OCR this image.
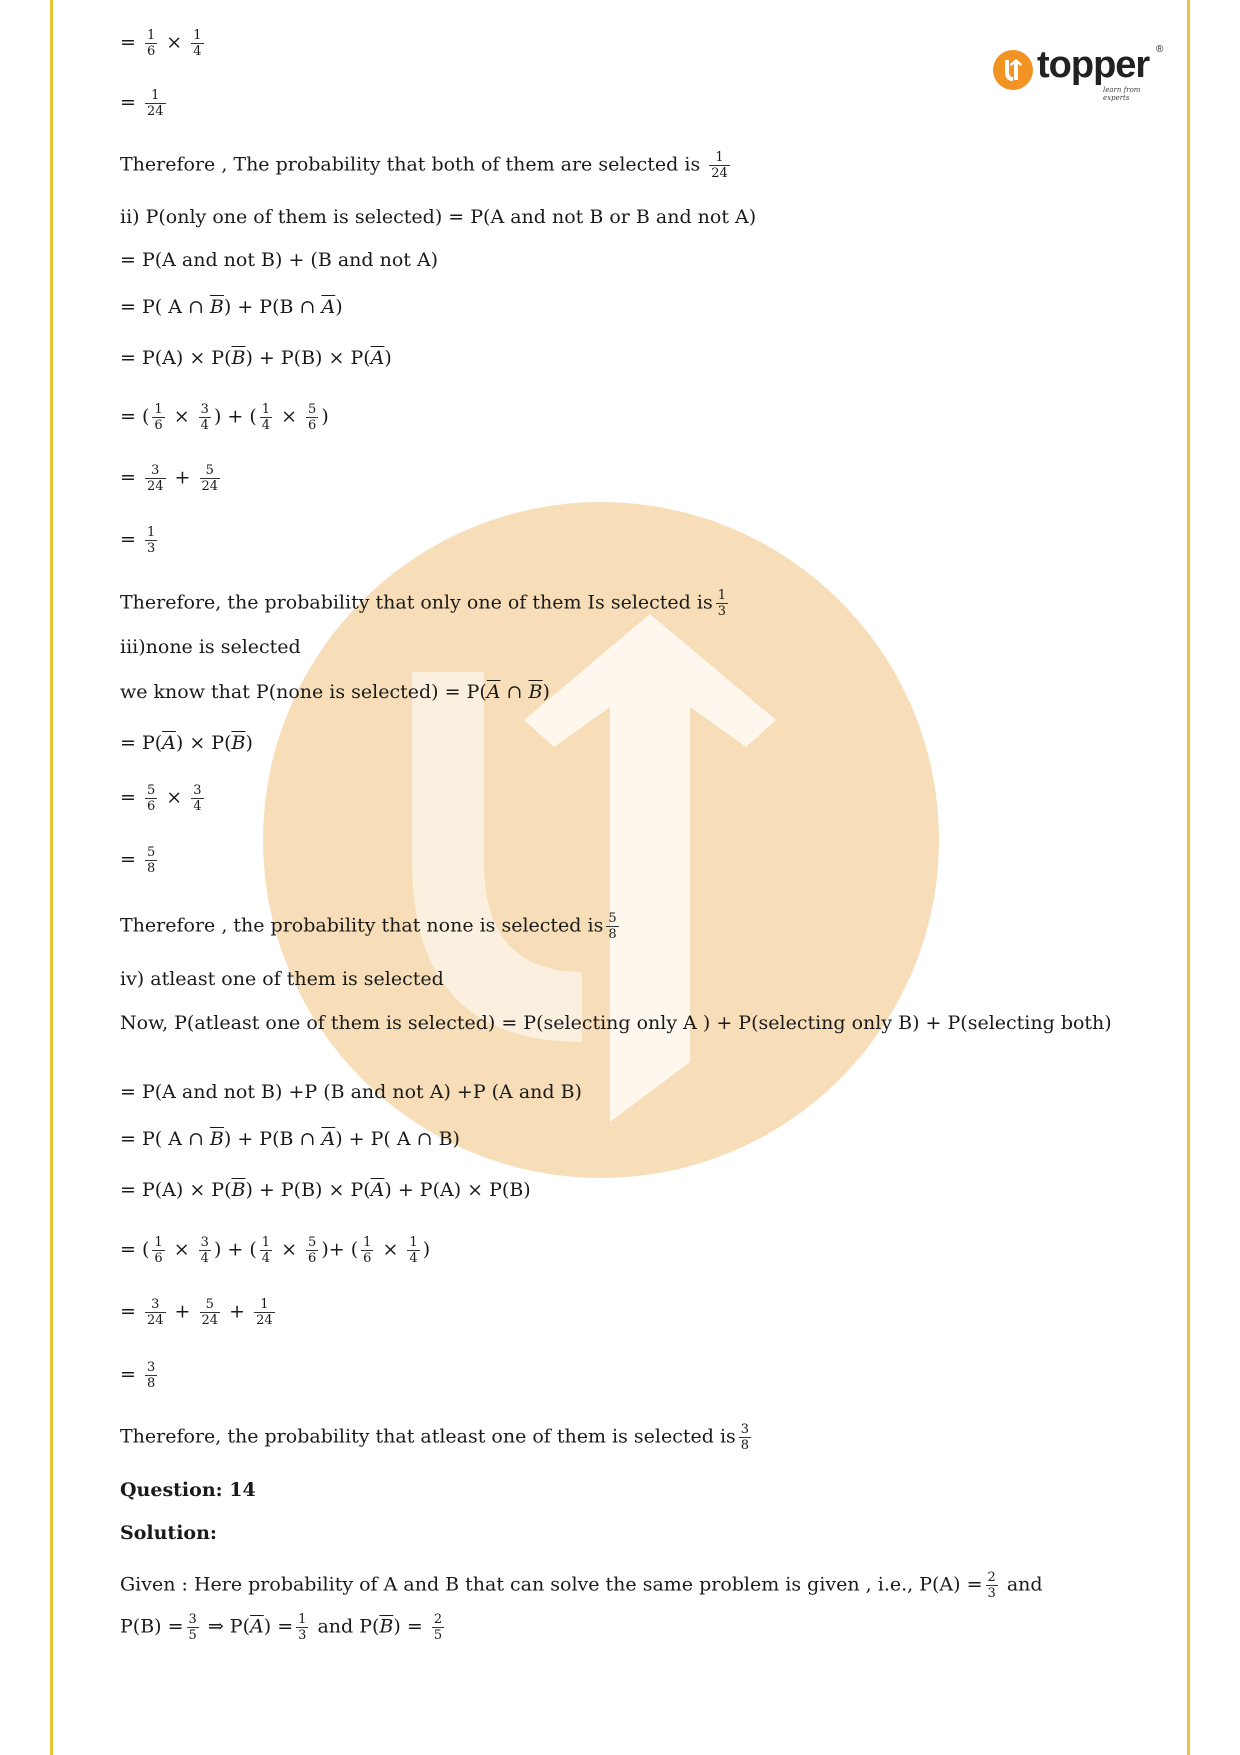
topper ®
learn from experts
= $\frac{1}{6} \times \frac{1}{4}$
= $\frac{1}{24}$
Therefore , The probability that both of them are selected is $\frac{1}{24}$
ii) P(only one of them is selected) = P(A and not B or B and not A)
= P(A and not B) + (B and not A)
= P( A ∩ $\overline{B}) + P(B$ ∩ $\overline{A}$)
= $P(A) \times P(\overline{B}) + P(B) \times P(\overline{A})$
= ( $\frac{1}{6} \times \frac{3}{4}$ ) + ( $\frac{1}{4} \times \frac{5}{6}$ )
= $\frac{3}{24} + \frac{5}{24}$
= $\frac{1}{3}$
Therefore, the probability that only one of them Is selected is $\frac{1}{3}$
iii)none is selected
we know that P(none is selected) = $P(\overline{A}$ ∩ $\overline{B}$)
= $P(\overline{A}) \times P(\overline{B})$
= $\frac{5}{6} \times \frac{3}{4}$
= $\frac{5}{8}$
Therefore , the probability that none is selected is $\frac{5}{8}$
iv) atleast one of them is selected
Now, P(atleast one of them is selected) = P(selecting only A ) + P(selecting only B) + P(selecting both)
= P(A and not B) +P (B and not A) +P (A and B)
= P( A ∩ $\overline{B}) + P(B$ ∩ $\overline{A}) + P$( A ∩ B)
= $P(A) \times P(\overline{B}) + P(B) \times P(\overline{A}) + P(A) \times P(B)$
= ( $\frac{1}{6} \times \frac{3}{4}$ ) + ( $\frac{1}{4} \times \frac{5}{6}$ )+ ( $\frac{1}{6} \times \frac{1}{4}$ )
= $\frac{3}{24} + \frac{5}{24} + \frac{1}{24}$
= $\frac{3}{8}$
Therefore, the probability that atleast one of them is selected is $\frac{3}{8}$
Question: 14
Solution:
Given : Here probability of A and B that can solve the same problem is given , i.e., $P(A) = \frac{2}{3}$ and
$P(B) = \frac{3}{5}$ ⇒ $P(\overline{A}) = \frac{1}{3}$ and $P(\overline{B}) = \frac{2}{5}$
